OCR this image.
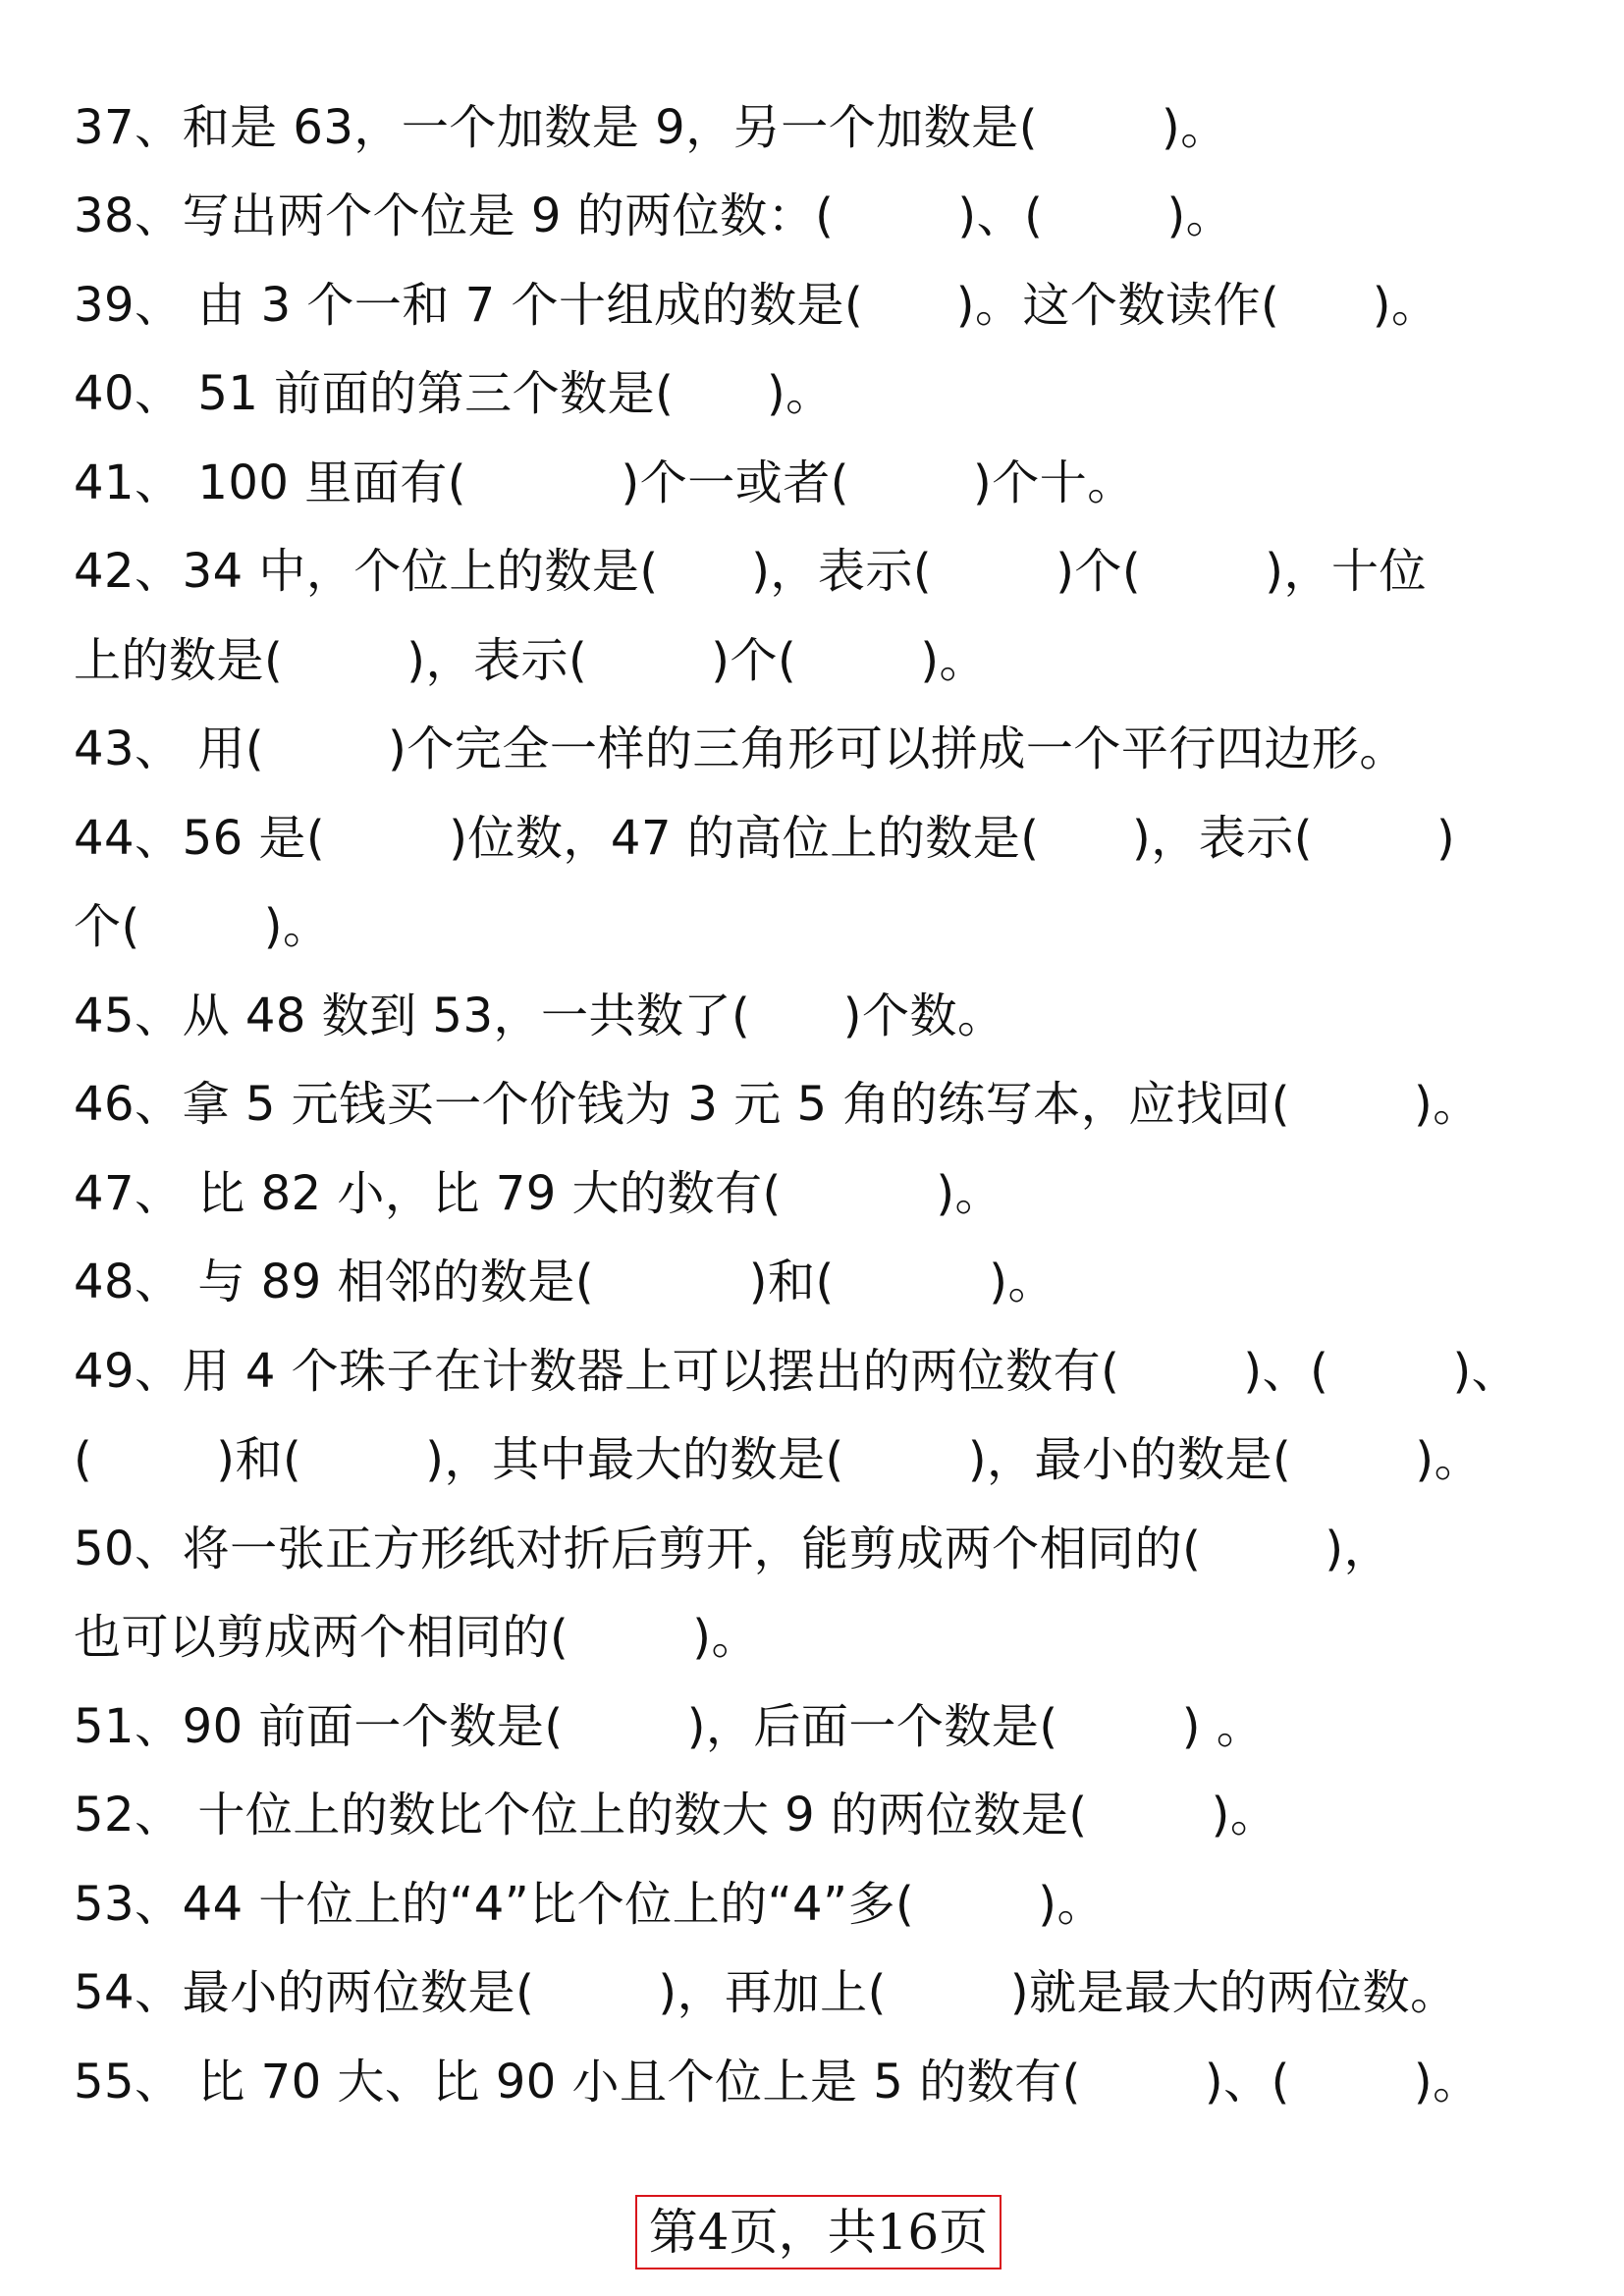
37、和是 63，一个加数是 9，另一个加数是(        )。
38、写出两个个位是 9 的两位数：(        )、(        )。
39、 由 3 个一和 7 个十组成的数是(      )。这个数读作(      )。
40、 51 前面的第三个数是(      )。
41、 100 里面有(          )个一或者(        )个十。
42、34 中，个位上的数是(      )，表示(        )个(        )，十位
上的数是(        )，表示(        )个(        )。
43、 用(        )个完全一样的三角形可以拼成一个平行四边形。
44、56 是(        )位数，47 的高位上的数是(      )，表示(        )
个(        )。
45、从 48 数到 53，一共数了(      )个数。
46、拿 5 元钱买一个价钱为 3 元 5 角的练写本，应找回(        )。
47、 比 82 小，比 79 大的数有(          )。
48、 与 89 相邻的数是(          )和(          )。
49、用 4 个珠子在计数器上可以摆出的两位数有(        )、(        )、
(        )和(        )，其中最大的数是(        )，最小的数是(        )。
50、将一张正方形纸对折后剪开，能剪成两个相同的(        )，
也可以剪成两个相同的(        )。
51、90 前面一个数是(        )，后面一个数是(        ) 。
52、 十位上的数比个位上的数大 9 的两位数是(        )。
53、44 十位上的“4”比个位上的“4”多(        )。
54、最小的两位数是(        )，再加上(        )就是最大的两位数。
55、 比 70 大、比 90 小且个位上是 5 的数有(        )、(        )。
第4页，共16页
